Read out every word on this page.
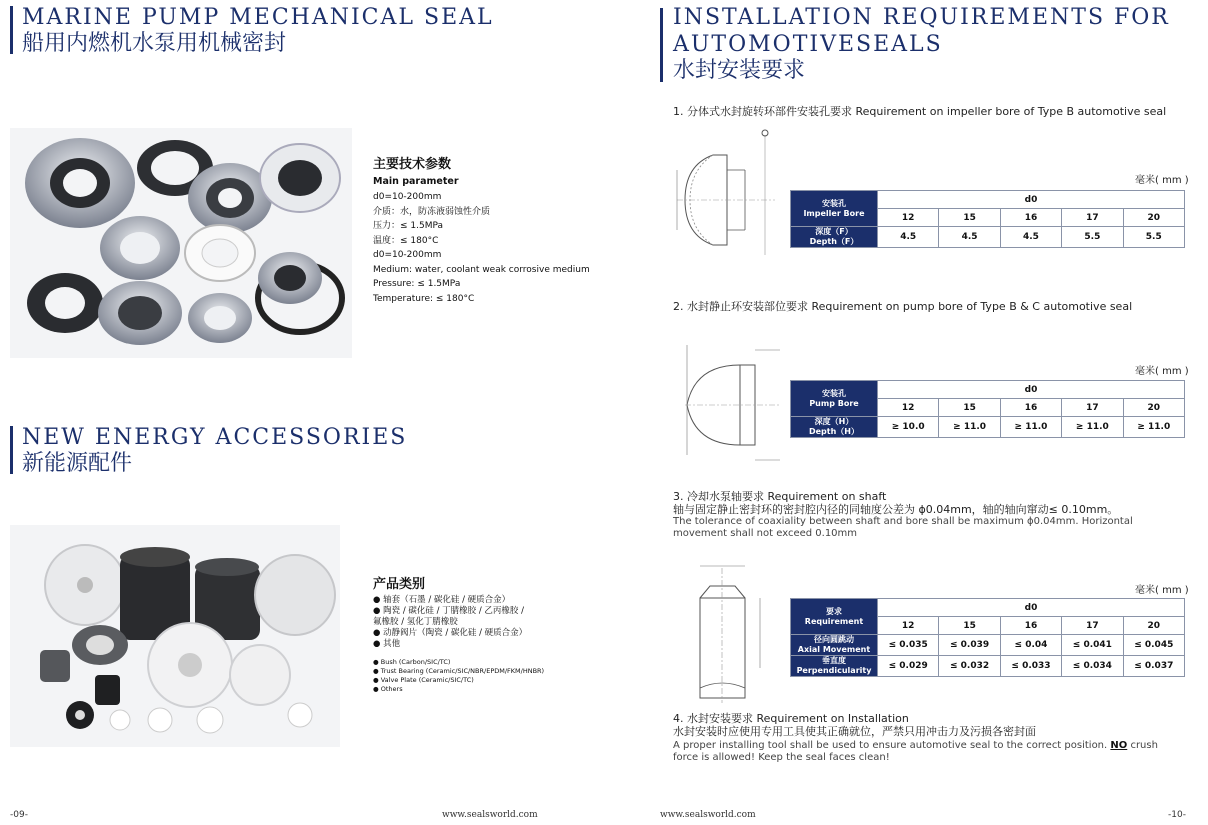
MARINE PUMP MECHANICAL SEAL
船用内燃机水泵用机械密封
主要技术参数
Main parameter
d0=10-200mm
介质：水，防冻液弱蚀性介质
压力：≤ 1.5MPa
温度：≤ 180°C
d0=10-200mm
Medium: water, coolant weak corrosive medium
Pressure: ≤ 1.5MPa
Temperature: ≤ 180°C
NEW ENERGY ACCESSORIES
新能源配件
产品类别
● 轴套（石墨 / 碳化硅 / 硬质合金）
● 陶瓷 / 碳化硅 / 丁腈橡胶 / 乙丙橡胶 /
氟橡胶 / 氢化丁腈橡胶
● 动静阀片（陶瓷 / 碳化硅 / 硬质合金）
● 其他
● Bush (Carbon/SIC/TC)
● Trust Bearing (Ceramic/SIC/NBR/EPDM/FKM/HNBR)
● Valve Plate (Ceramic/SIC/TC)
● Others
-09-	www.sealsworld.com
INSTALLATION REQUIREMENTS FOR
AUTOMOTIVESEALS
水封安装要求
1. 分体式水封旋转环部件安装孔要求 Requirement on impeller bore of Type B automotive seal
毫米( mm )
安装孔
Impeller Bore	d0				
	12	15	16	17	20
深度（F）
Depth（F）	4.5	4.5	4.5	5.5	5.5
2. 水封静止环安装部位要求 Requirement on pump bore of Type B & C automotive seal
毫米( mm )
安装孔
Pump Bore	d0				
	12	15	16	17	20
深度（H）
Depth（H）	≥ 10.0	≥ 11.0	≥ 11.0	≥ 11.0	≥ 11.0
3. 冷却水泵轴要求 Requirement on shaft
轴与固定静止密封环的密封腔内径的同轴度公差为 ϕ0.04mm，轴的轴向窜动≤ 0.10mm。
The tolerance of coaxiality between shaft and bore shall be maximum ϕ0.04mm. Horizontal movement shall not exceed 0.10mm
毫米( mm )
要求
Requirement	d0				
	12	15	16	17	20
径向圆跳动
Axial Movement	≤ 0.035	≤ 0.039	≤ 0.04	≤ 0.041	≤ 0.045
垂直度
Perpendicularity	≤ 0.029	≤ 0.032	≤ 0.033	≤ 0.034	≤ 0.037
4. 水封安装要求 Requirement on Installation
水封安装时应使用专用工具使其正确就位，严禁只用冲击力及污损各密封面
A proper installing tool shall be used to ensure automotive seal to the correct position. NO crush force is allowed! Keep the seal faces clean!
www.sealsworld.com	-10-
